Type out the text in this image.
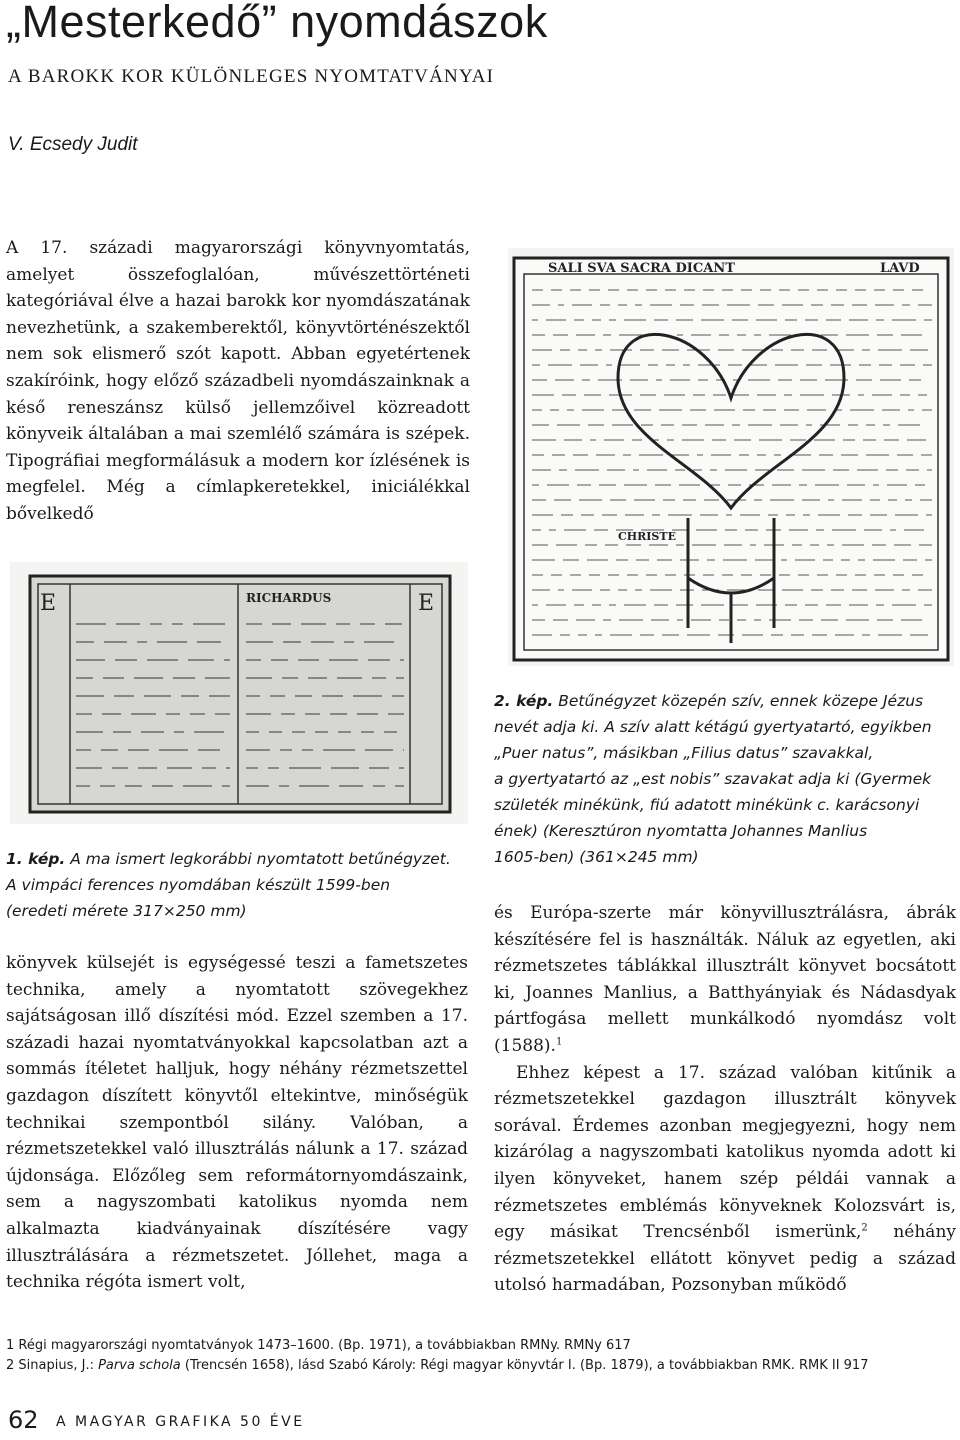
„Mesterkedő” nyomdászok
A BAROKK KOR KÜLÖNLEGES NYOMTATVÁNYAI
V. Ecsedy Judit

A 17. századi magyarországi könyvnyomtatás, amelyet összefoglalóan, művészettörténeti kategóriával élve a hazai barokk kor nyomdászatának nevezhetünk, a szakemberektől, könyvtörténészektől nem sok elismerő szót kapott. Abban egyetértenek szakíróink, hogy előző századbeli nyomdászainknak a késő reneszánsz külső jellemzőivel közreadott könyveik általában a mai szemlélő számára is szépek. Tipográfiai megformálásuk a modern kor ízlésének is megfelel. Még a címlapkeretekkel, iniciálékkal bővelkedő

SALI SVA SACRA DICANT	LAVD
CHRISTE
2. kép. Betűnégyzet közepén szív, ennek közepe Jézus
nevét adja ki. A szív alatt kétágú gyertyatartó, egyikben
„Puer natus”, másikban „Filius datus” szavakkal,
a gyertyatartó az „est nobis” szavakat adja ki (Gyermek
születék minékünk, fiú adatott minékünk c. karácsonyi
ének) (Keresztúron nyomtatta Johannes Manlius
1605-ben) (361×245 mm)
E	RICHARDUS	E
1. kép. A ma ismert legkorábbi nyomtatott betűnégyzet.
A vimpáci ferences nyomdában készült 1599-ben
(eredeti mérete 317×250 mm)

könyvek külsejét is egységessé teszi a fametszetes technika, amely a nyomtatott szövegekhez sajátságosan illő díszítési mód. Ezzel szemben a 17. századi hazai nyomtatványokkal kapcsolatban azt a sommás ítéletet halljuk, hogy néhány rézmetszettel gazdagon díszített könyvtől eltekintve, minőségük technikai szempontból silány. Valóban, a rézmetszetekkel való illusztrálás nálunk a 17. század újdonsága. Előzőleg sem reformátornyomdászaink, sem a nagyszombati katolikus nyomda nem alkalmazta kiadványainak díszítésére vagy illusztrálására a rézmetszetet. Jóllehet, maga a technika régóta ismert volt,

és Európa-szerte már könyvillusztrálásra, ábrák készítésére fel is használták. Náluk az egyetlen, aki rézmetszetes táblákkal illusztrált könyvet bocsátott ki, Joannes Manlius, a Batthyányiak és Nádasdyak pártfogása mellett munkálkodó nyomdász volt (1588).$^1$

Ehhez képest a 17. század valóban kitűnik a rézmetszetekkel gazdagon illusztrált könyvek sorával. Érdemes azonban megjegyezni, hogy nem kizárólag a nagyszombati katolikus nyomda adott ki ilyen könyveket, hanem szép példái vannak a rézmetszetes emblémás könyveknek Kolozsvárt is, egy másikat Trencsénből ismerünk,$^2$ néhány rézmetszetekkel ellátott könyvet pedig a század utolsó harmadában, Pozsonyban működő

1 Régi magyarországi nyomtatványok 1473–1600. (Bp. 1971), a továbbiakban RMNy. RMNy 617
2 Sinapius, J.: Parva schola (Trencsén 1658), lásd Szabó Károly: Régi magyar könyvtár I. (Bp. 1879), a továbbiakban RMK. RMK II 917
62 A MAGYAR GRAFIKA 50 ÉVE
